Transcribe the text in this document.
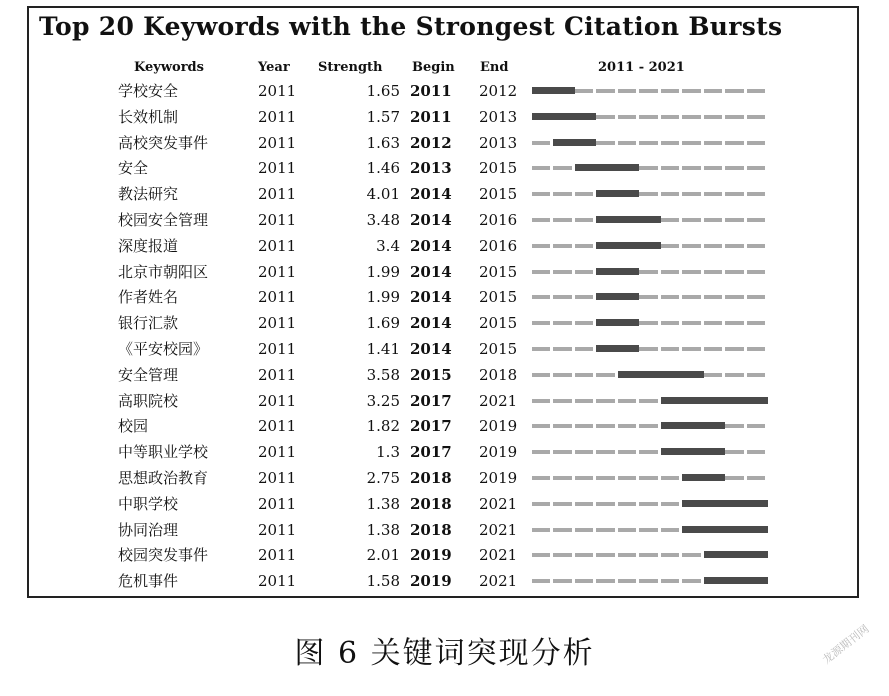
Top 20 Keywords with the Strongest Citation Bursts
Keywords	Year Strength Begin End	2011 - 2021
学校安全	2011	1.65 2011 2012
长效机制	2011	1.57 2011 2013
高校突发事件	2011	1.63 2012 2013
安全	2011	1.46 2013 2015
教法研究	2011	4.01 2014 2015
校园安全管理	2011	3.48 2014 2016
深度报道	2011	3.4 2014 2016
北京市朝阳区	2011	1.99 2014 2015
作者姓名	2011	1.99 2014 2015
银行汇款	2011	1.69 2014 2015
《平安校园》	2011	1.41 2014 2015
安全管理	2011	3.58 2015 2018
高职院校	2011	3.25 2017 2021
校园	2011	1.82 2017 2019
中等职业学校	2011	1.3 2017 2019
思想政治教育	2011	2.75 2018 2019
中职学校	2011	1.38 2018 2021
协同治理	2011	1.38 2018 2021
校园突发事件	2011	2.01 2019 2021
危机事件	2011	1.58 2019 2021
图 6 关键词突现分析	龙源期刊网
